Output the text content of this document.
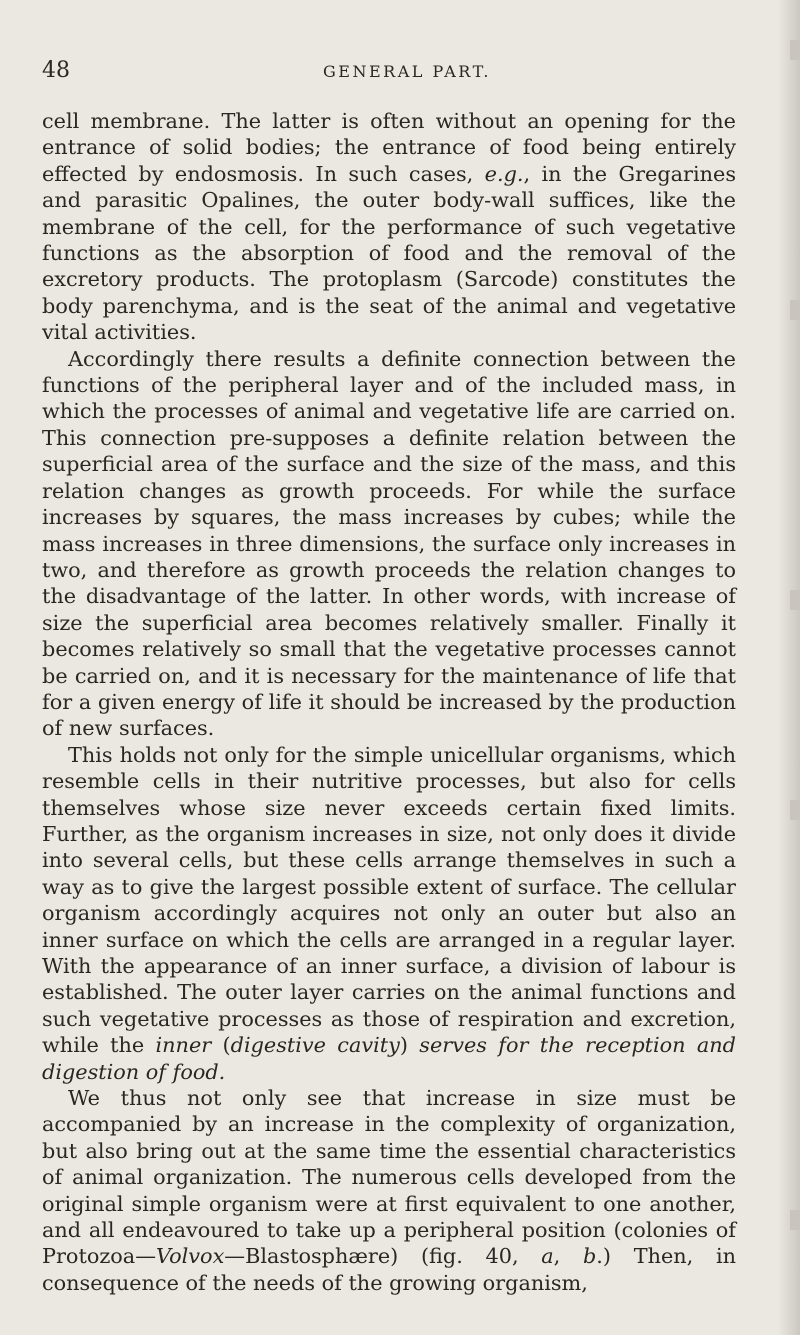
48	GENERAL PART.

cell membrane. The latter is often without an opening for the entrance of solid bodies; the entrance of food being entirely effected by endosmosis. In such cases, e.g., in the Gregarines and parasitic Opalines, the outer body-wall suffices, like the membrane of the cell, for the performance of such vegetative functions as the absorption of food and the removal of the excretory products. The protoplasm (Sarcode) constitutes the body parenchyma, and is the seat of the animal and vegetative vital activities.

Accordingly there results a definite connection between the functions of the peripheral layer and of the included mass, in which the processes of animal and vegetative life are carried on. This connection pre-supposes a definite relation between the superficial area of the surface and the size of the mass, and this relation changes as growth proceeds. For while the surface increases by squares, the mass increases by cubes; while the mass increases in three dimensions, the surface only increases in two, and therefore as growth proceeds the relation changes to the disadvantage of the latter. In other words, with increase of size the superficial area becomes relatively smaller. Finally it becomes relatively so small that the vegetative processes cannot be carried on, and it is necessary for the maintenance of life that for a given energy of life it should be increased by the production of new surfaces.

This holds not only for the simple unicellular organisms, which resemble cells in their nutritive processes, but also for cells themselves whose size never exceeds certain fixed limits. Further, as the organism increases in size, not only does it divide into several cells, but these cells arrange themselves in such a way as to give the largest possible extent of surface. The cellular organism accordingly acquires not only an outer but also an inner surface on which the cells are arranged in a regular layer. With the appearance of an inner surface, a division of labour is established. The outer layer carries on the animal functions and such vegetative processes as those of respiration and excretion, while the inner (digestive cavity) serves for the reception and digestion of food.

We thus not only see that increase in size must be accompanied by an increase in the complexity of organization, but also bring out at the same time the essential characteristics of animal organization. The numerous cells developed from the original simple organism were at first equivalent to one another, and all endeavoured to take up a peripheral position (colonies of Protozoa—Volvox—Blastosphære) (fig. 40, a, b.) Then, in consequence of the needs of the growing organism,
